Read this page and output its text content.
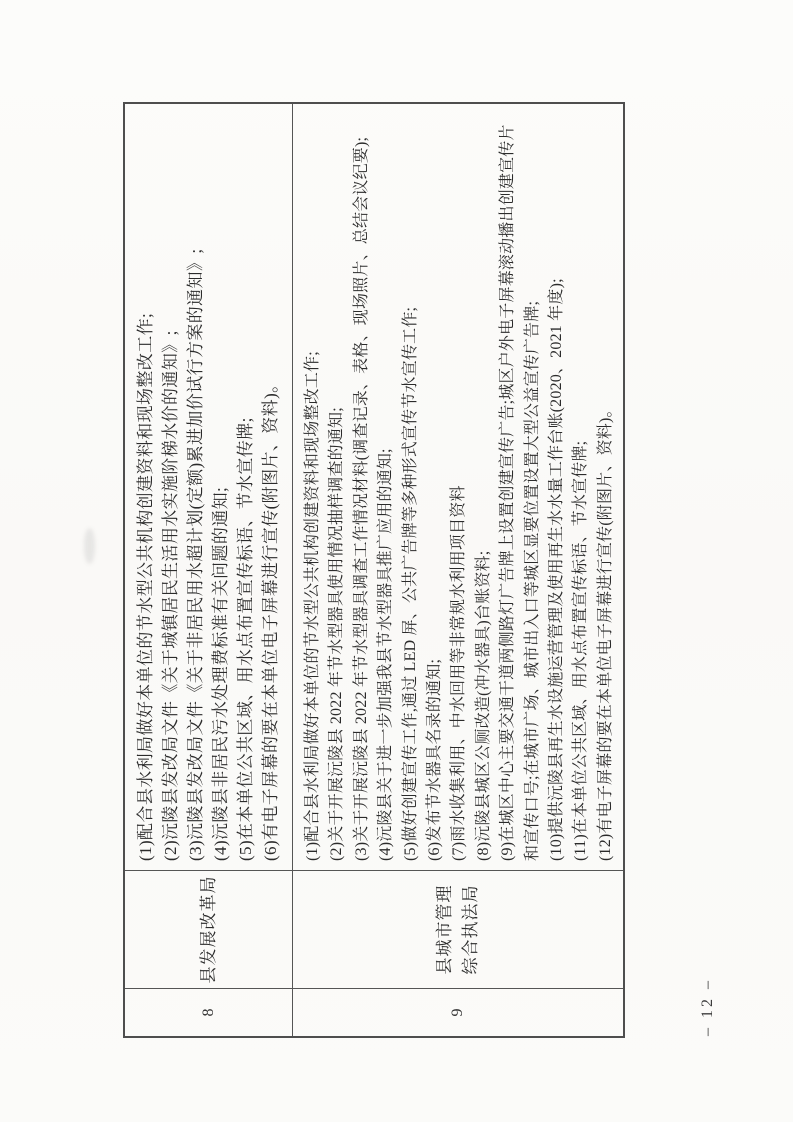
8
县发展改革局
(1)配合县水利局做好本单位的节水型公共机构创建资料和现场整改工作; (2)沅陵县发改局文件《关于城镇居民生活用水实施阶梯水价的通知》; (3)沅陵县发改局文件《关于非居民用水超计划(定额)累进加价试行方案的通知》; (4)沅陵县非居民污水处理费标准有关问题的通知; (5)在本单位公共区域、用水点布置宣传标语、节水宣传牌; (6)有电子屏幕的要在本单位电子屏幕进行宣传(附图片、资料)。
9
县城市管理 综合执法局
(1)配合县水利局做好本单位的节水型公共机构创建资料和现场整改工作; (2)关于开展沅陵县 2022 年节水型器具使用情况抽样调查的通知; (3)关于开展沅陵县 2022 年节水型器具调查工作情况材料(调查记录、表格、现场照片、总结会议纪要); (4)沅陵县关于进一步加强我县节水型器具推广应用的通知; (5)做好创建宣传工作,通过 LED 屏、公共广告牌等多种形式宣传节水宣传工作; (6)发布节水器具名录的通知; (7)雨水收集利用、中水回用等非常规水利用项目资料 (8)沅陵县城区公厕改造(冲水器具)台账资料; (9)在城区中心主要交通干道两侧路灯广告牌上设置创建宣传广告;城区户外电子屏幕滚动播出创建宣传片 和宣传口号;在城市广场、城市出入口等城区显要位置设置大型公益宣传广告牌; (10)提供沅陵县再生水设施运营管理及使用再生水水量工作台账(2020、2021 年度); (11)在本单位公共区域、用水点布置宣传标语、节水宣传牌; (12)有电子屏幕的要在本单位电子屏幕进行宣传(附图片、资料)。
– 12 –
